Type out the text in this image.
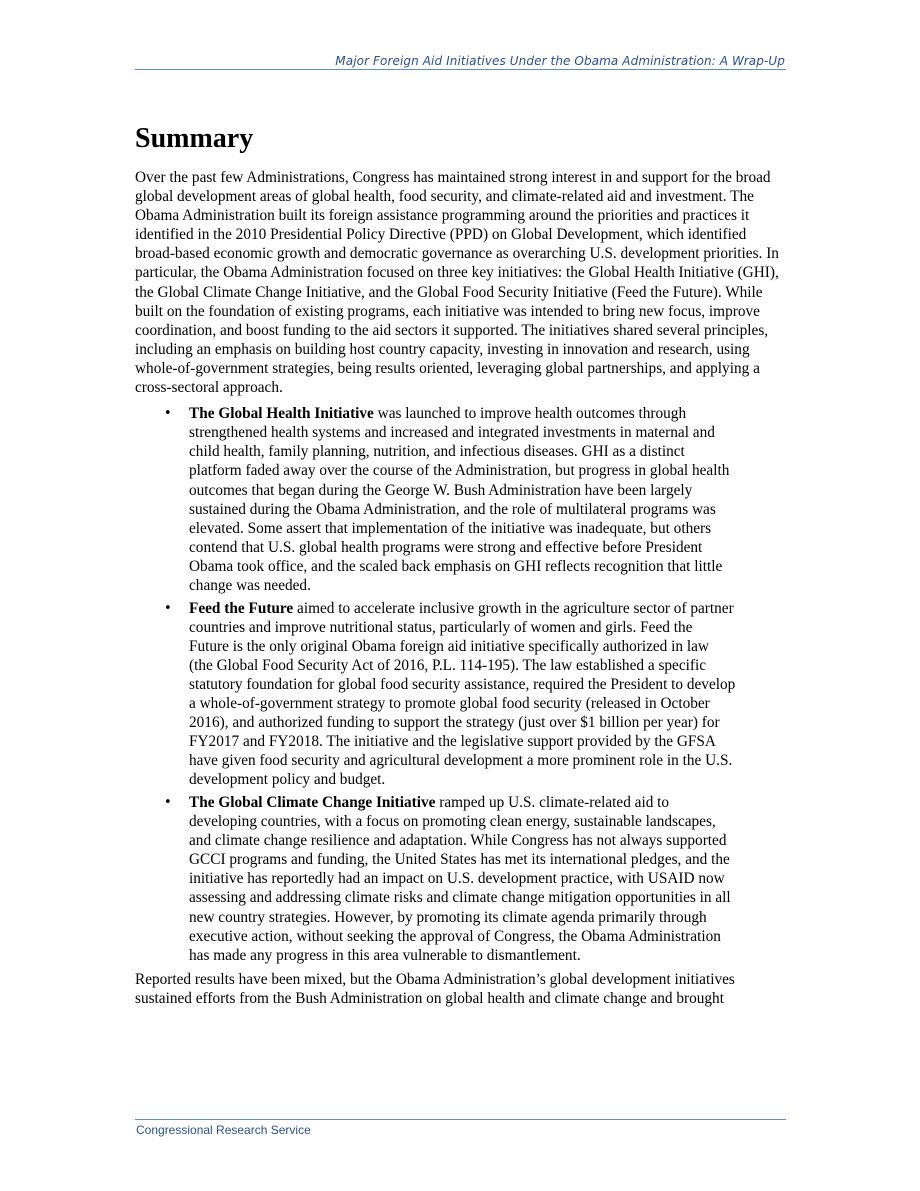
Major Foreign Aid Initiatives Under the Obama Administration: A Wrap-Up
Summary

Over the past few Administrations, Congress has maintained strong interest in and support for the broad global development areas of global health, food security, and climate-related aid and investment. The Obama Administration built its foreign assistance programming around the priorities and practices it identified in the 2010 Presidential Policy Directive (PPD) on Global Development, which identified broad-based economic growth and democratic governance as overarching U.S. development priorities. In particular, the Obama Administration focused on three key initiatives: the Global Health Initiative (GHI), the Global Climate Change Initiative, and the Global Food Security Initiative (Feed the Future). While built on the foundation of existing programs, each initiative was intended to bring new focus, improve coordination, and boost funding to the aid sectors it supported. The initiatives shared several principles, including an emphasis on building host country capacity, investing in innovation and research, using whole-of-government strategies, being results oriented, leveraging global partnerships, and applying a cross-sectoral approach.

• The Global Health Initiative was launched to improve health outcomes through strengthened health systems and increased and integrated investments in maternal and child health, family planning, nutrition, and infectious diseases. GHI as a distinct platform faded away over the course of the Administration, but progress in global health outcomes that began during the George W. Bush Administration have been largely sustained during the Obama Administration, and the role of multilateral programs was elevated. Some assert that implementation of the initiative was inadequate, but others contend that U.S. global health programs were strong and effective before President Obama took office, and the scaled back emphasis on GHI reflects recognition that little change was needed.
• Feed the Future aimed to accelerate inclusive growth in the agriculture sector of partner countries and improve nutritional status, particularly of women and girls. Feed the Future is the only original Obama foreign aid initiative specifically authorized in law (the Global Food Security Act of 2016, P.L. 114-195). The law established a specific statutory foundation for global food security assistance, required the President to develop a whole-of-government strategy to promote global food security (released in October 2016), and authorized funding to support the strategy (just over $1 billion per year) for FY2017 and FY2018. The initiative and the legislative support provided by the GFSA have given food security and agricultural development a more prominent role in the U.S. development policy and budget.
• The Global Climate Change Initiative ramped up U.S. climate-related aid to developing countries, with a focus on promoting clean energy, sustainable landscapes, and climate change resilience and adaptation. While Congress has not always supported GCCI programs and funding, the United States has met its international pledges, and the initiative has reportedly had an impact on U.S. development practice, with USAID now assessing and addressing climate risks and climate change mitigation opportunities in all new country strategies. However, by promoting its climate agenda primarily through executive action, without seeking the approval of Congress, the Obama Administration has made any progress in this area vulnerable to dismantlement.

Reported results have been mixed, but the Obama Administration’s global development initiatives sustained efforts from the Bush Administration on global health and climate change and brought

Congressional Research Service
